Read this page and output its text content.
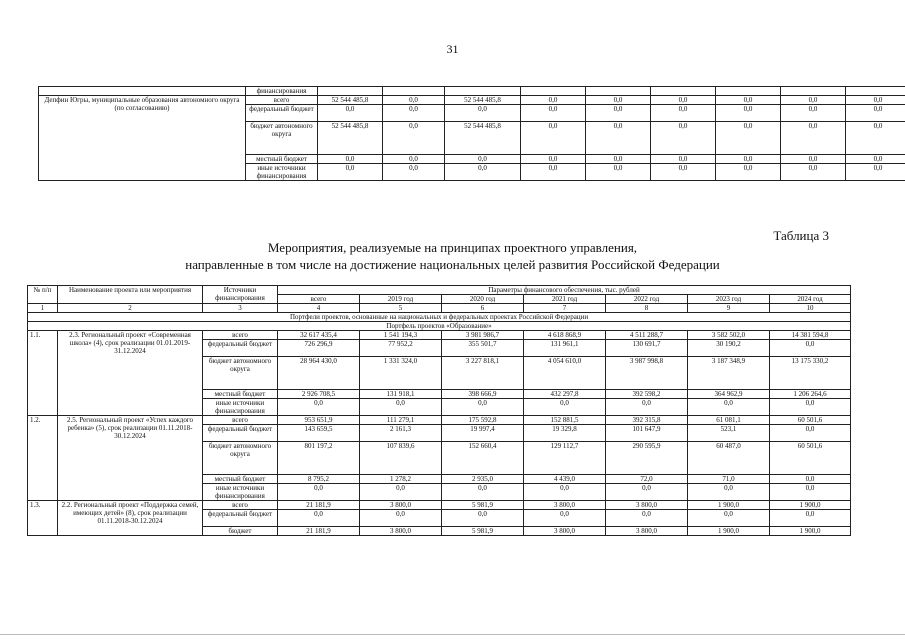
31
	финансирования									
Депфин Югры, муниципальные образования автономного округа (по согласованию)	всего	52 544 485,8	0,0	52 544 485,8	0,0	0,0	0,0	0,0	0,0	0,0
	федеральный бюджет	0,0	0,0	0,0	0,0	0,0	0,0	0,0	0,0	0,0
	бюджет автономного округа	52 544 485,8	0,0	52 544 485,8	0,0	0,0	0,0	0,0	0,0	0,0
	местный бюджет	0,0	0,0	0,0	0,0	0,0	0,0	0,0	0,0	0,0
	иные источники финансирования	0,0	0,0	0,0	0,0	0,0	0,0	0,0	0,0	0,0
Таблица 3
Мероприятия, реализуемые на принципах проектного управления,
направленные в том числе на достижение национальных целей развития Российской Федерации
№ п/п	Наименование проекта или мероприятия	Источники финансирования	Параметры финансового обеспечения, тыс. рублей						
			всего	2019 год	2020 год	2021 год	2022 год	2023 год	2024 год
1	2	3	4	5	6	7	8	9	10
Портфели проектов, основанные на национальных и федеральных проектах Российской Федерации									
Портфель проектов «Образование»									
1.1.	2.3. Региональный проект «Современная школа» (4), срок реализации 01.01.2019-31.12.2024	всего	32 617 435,4	1 541 194,3	3 981 986,7	4 618 868,9	4 511 288,7	3 582 502,0	14 381 594,8
		федеральный бюджет	726 296,9	77 952,2	355 501,7	131 961,1	130 691,7	30 190,2	0,0
		бюджет автономного округа	28 964 430,0	1 331 324,0	3 227 818,1	4 054 610,0	3 987 998,8	3 187 348,9	13 175 330,2
		местный бюджет	2 926 708,5	131 918,1	398 666,9	432 297,8	392 598,2	364 962,9	1 206 264,6
		иные источники финансирования	0,0	0,0	0,0	0,0	0,0	0,0	0,0
1.2.	2.5. Региональный проект «Успех каждого ребенка» (5), срок реализации 01.11.2018-30.12.2024	всего	953 651,9	111 279,1	175 592,8	152 881,5	392 315,8	61 081,1	60 501,6
		федеральный бюджет	143 659,5	2 161,3	19 997,4	19 329,8	101 647,9	523,1	0,0
		бюджет автономного округа	801 197,2	107 839,6	152 660,4	129 112,7	290 595,9	60 487,0	60 501,6
		местный бюджет	8 795,2	1 278,2	2 935,0	4 439,0	72,0	71,0	0,0
		иные источники финансирования	0,0	0,0	0,0	0,0	0,0	0,0	0,0
1.3.	2.2. Региональный проект «Поддержка семей, имеющих детей» (8), срок реализации 01.11.2018-30.12.2024	всего	21 181,9	3 800,0	5 981,9	3 800,0	3 800,0	1 900,0	1 900,0
		федеральный бюджет	0,0	0,0	0,0	0,0	0,0	0,0	0,0
		бюджет	21 181,9	3 800,0	5 981,9	3 800,0	3 800,0	1 900,0	1 900,0
